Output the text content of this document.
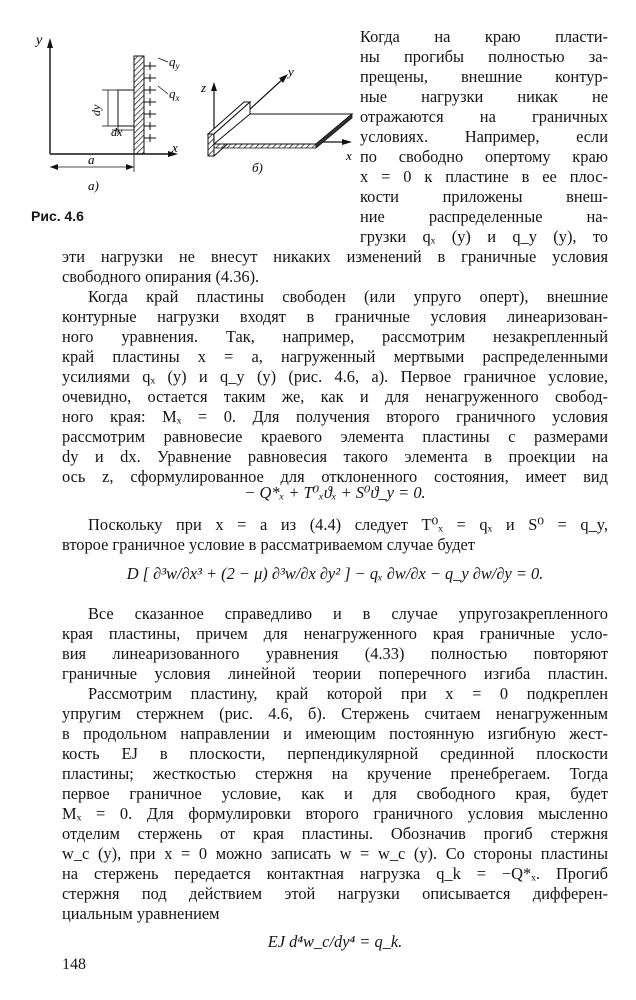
y
$q_y$
$q_x$
dy
dx
a
x
а)
z
y
x
б)
Рис. 4.6
Когда на краю пласти-
ны прогибы полностью за-
прещены, внешние контур-
ные нагрузки никак не
отражаются на граничных
условиях. Например, если
по свободно опертому краю
x = 0 к пластине в ее плос-
кости приложены внеш-
ние распределенные на-
грузки qₓ (y) и q_y (y), то
эти нагрузки не внесут никаких изменений в граничные условия
свободного опирания (4.36).
Когда край пластины свободен (или упруго оперт), внешние
контурные нагрузки входят в граничные условия линеаризован-
ного уравнения. Так, например, рассмотрим незакрепленный
край пластины x = a, нагруженный мертвыми распределенными
усилиями qₓ (y) и q_y (y) (рис. 4.6, а). Первое граничное условие,
очевидно, остается таким же, как и для ненагруженного свобод-
ного края: Mₓ = 0. Для получения второго граничного условия
рассмотрим равновесие краевого элемента пластины с размерами
dy и dx. Уравнение равновесия такого элемента в проекции на
ось z, сформулированное для отклоненного состояния, имеет вид
− Q*ₓ + T⁰ₓϑₓ + S⁰ϑ_y = 0.
Поскольку при x = a из (4.4) следует T⁰ₓ = qₓ и S⁰ = q_y,
второе граничное условие в рассматриваемом случае будет
D [ ∂³w/∂x³ + (2 − μ) ∂³w/∂x ∂y² ] − qₓ ∂w/∂x − q_y ∂w/∂y = 0.
Все сказанное справедливо и в случае упругозакрепленного
края пластины, причем для ненагруженного края граничные усло-
вия линеаризованного уравнения (4.33) полностью повторяют
граничные условия линейной теории поперечного изгиба пластин.
Рассмотрим пластину, край которой при x = 0 подкреплен
упругим стержнем (рис. 4.6, б). Стержень считаем ненагруженным
в продольном направлении и имеющим постоянную изгибную жест-
кость EJ в плоскости, перпендикулярной срединной плоскости
пластины; жесткостью стержня на кручение пренебрегаем. Тогда
первое граничное условие, как и для свободного края, будет
Mₓ = 0. Для формулировки второго граничного условия мысленно
отделим стержень от края пластины. Обозначив прогиб стержня
w_c (y), при x = 0 можно записать w = w_c (y). Со стороны пластины
на стержень передается контактная нагрузка q_k = −Q*ₓ. Прогиб
стержня под действием этой нагрузки описывается дифферен-
циальным уравнением
EJ d⁴w_c/dy⁴ = q_k.
148
